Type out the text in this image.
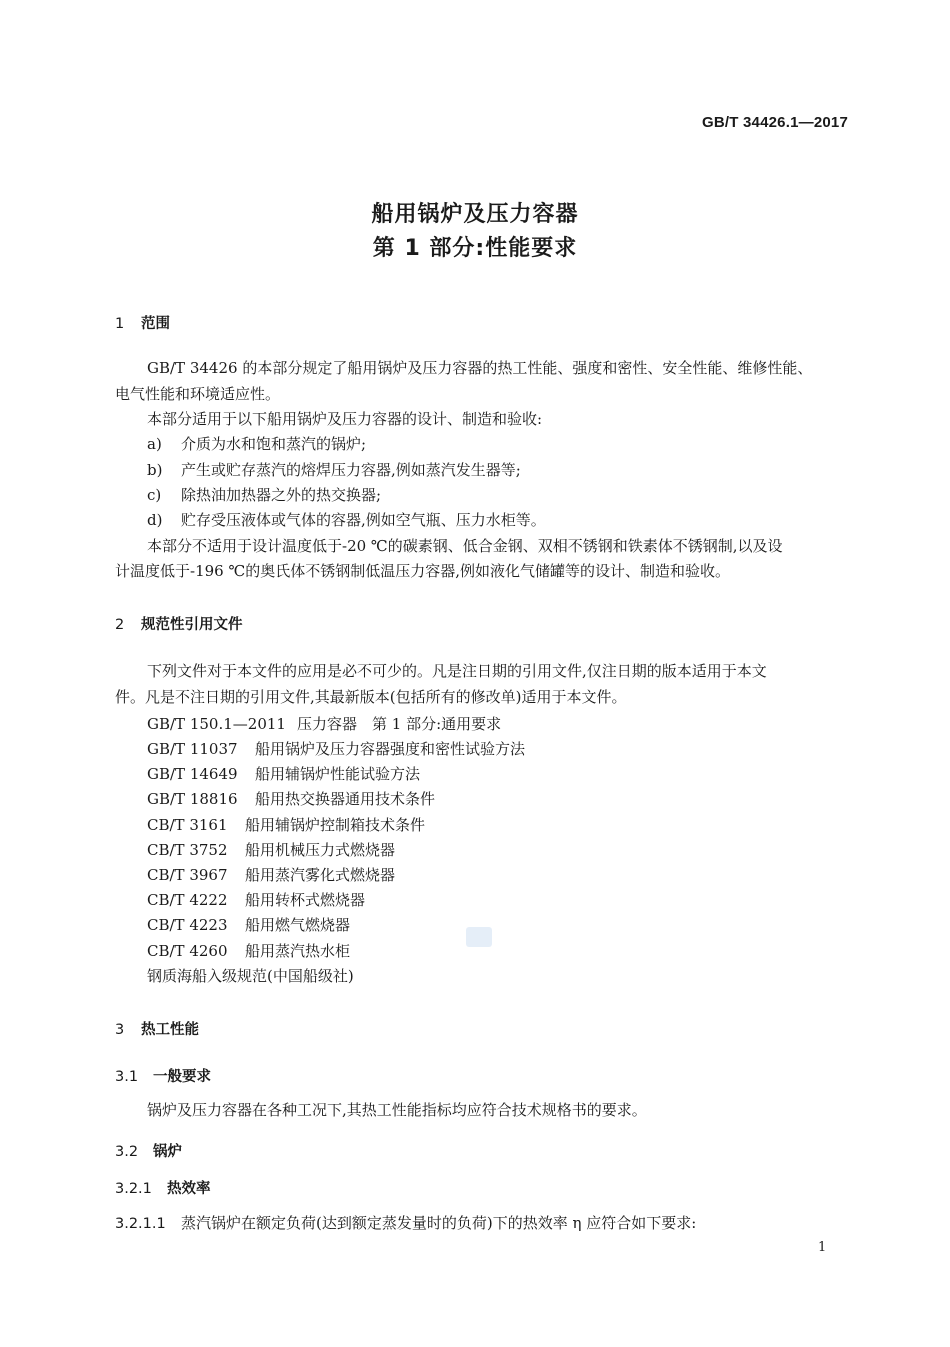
GB/T 34426.1—2017
船用锅炉及压力容器
第 1 部分:性能要求
1 范围
GB/T 34426 的本部分规定了船用锅炉及压力容器的热工性能、强度和密性、安全性能、维修性能、
电气性能和环境适应性。
本部分适用于以下船用锅炉及压力容器的设计、制造和验收:
a) 介质为水和饱和蒸汽的锅炉;
b) 产生或贮存蒸汽的熔焊压力容器,例如蒸汽发生器等;
c) 除热油加热器之外的热交换器;
d) 贮存受压液体或气体的容器,例如空气瓶、压力水柜等。
本部分不适用于设计温度低于-20 ℃的碳素钢、低合金钢、双相不锈钢和铁素体不锈钢制,以及设
计温度低于-196 ℃的奥氏体不锈钢制低温压力容器,例如液化气储罐等的设计、制造和验收。
2 规范性引用文件
下列文件对于本文件的应用是必不可少的。凡是注日期的引用文件,仅注日期的版本适用于本文
件。凡是不注日期的引用文件,其最新版本(包括所有的修改单)适用于本文件。
GB/T 150.1—2011 压力容器　第 1 部分:通用要求
GB/T 11037 船用锅炉及压力容器强度和密性试验方法
GB/T 14649 船用辅锅炉性能试验方法
GB/T 18816 船用热交换器通用技术条件
CB/T 3161 船用辅锅炉控制箱技术条件
CB/T 3752 船用机械压力式燃烧器
CB/T 3967 船用蒸汽雾化式燃烧器
CB/T 4222 船用转杯式燃烧器
CB/T 4223 船用燃气燃烧器
CB/T 4260 船用蒸汽热水柜
钢质海船入级规范(中国船级社)
3 热工性能
3.1 一般要求
锅炉及压力容器在各种工况下,其热工性能指标均应符合技术规格书的要求。
3.2 锅炉
3.2.1 热效率
3.2.1.1 蒸汽锅炉在额定负荷(达到额定蒸发量时的负荷)下的热效率 η 应符合如下要求:
1
